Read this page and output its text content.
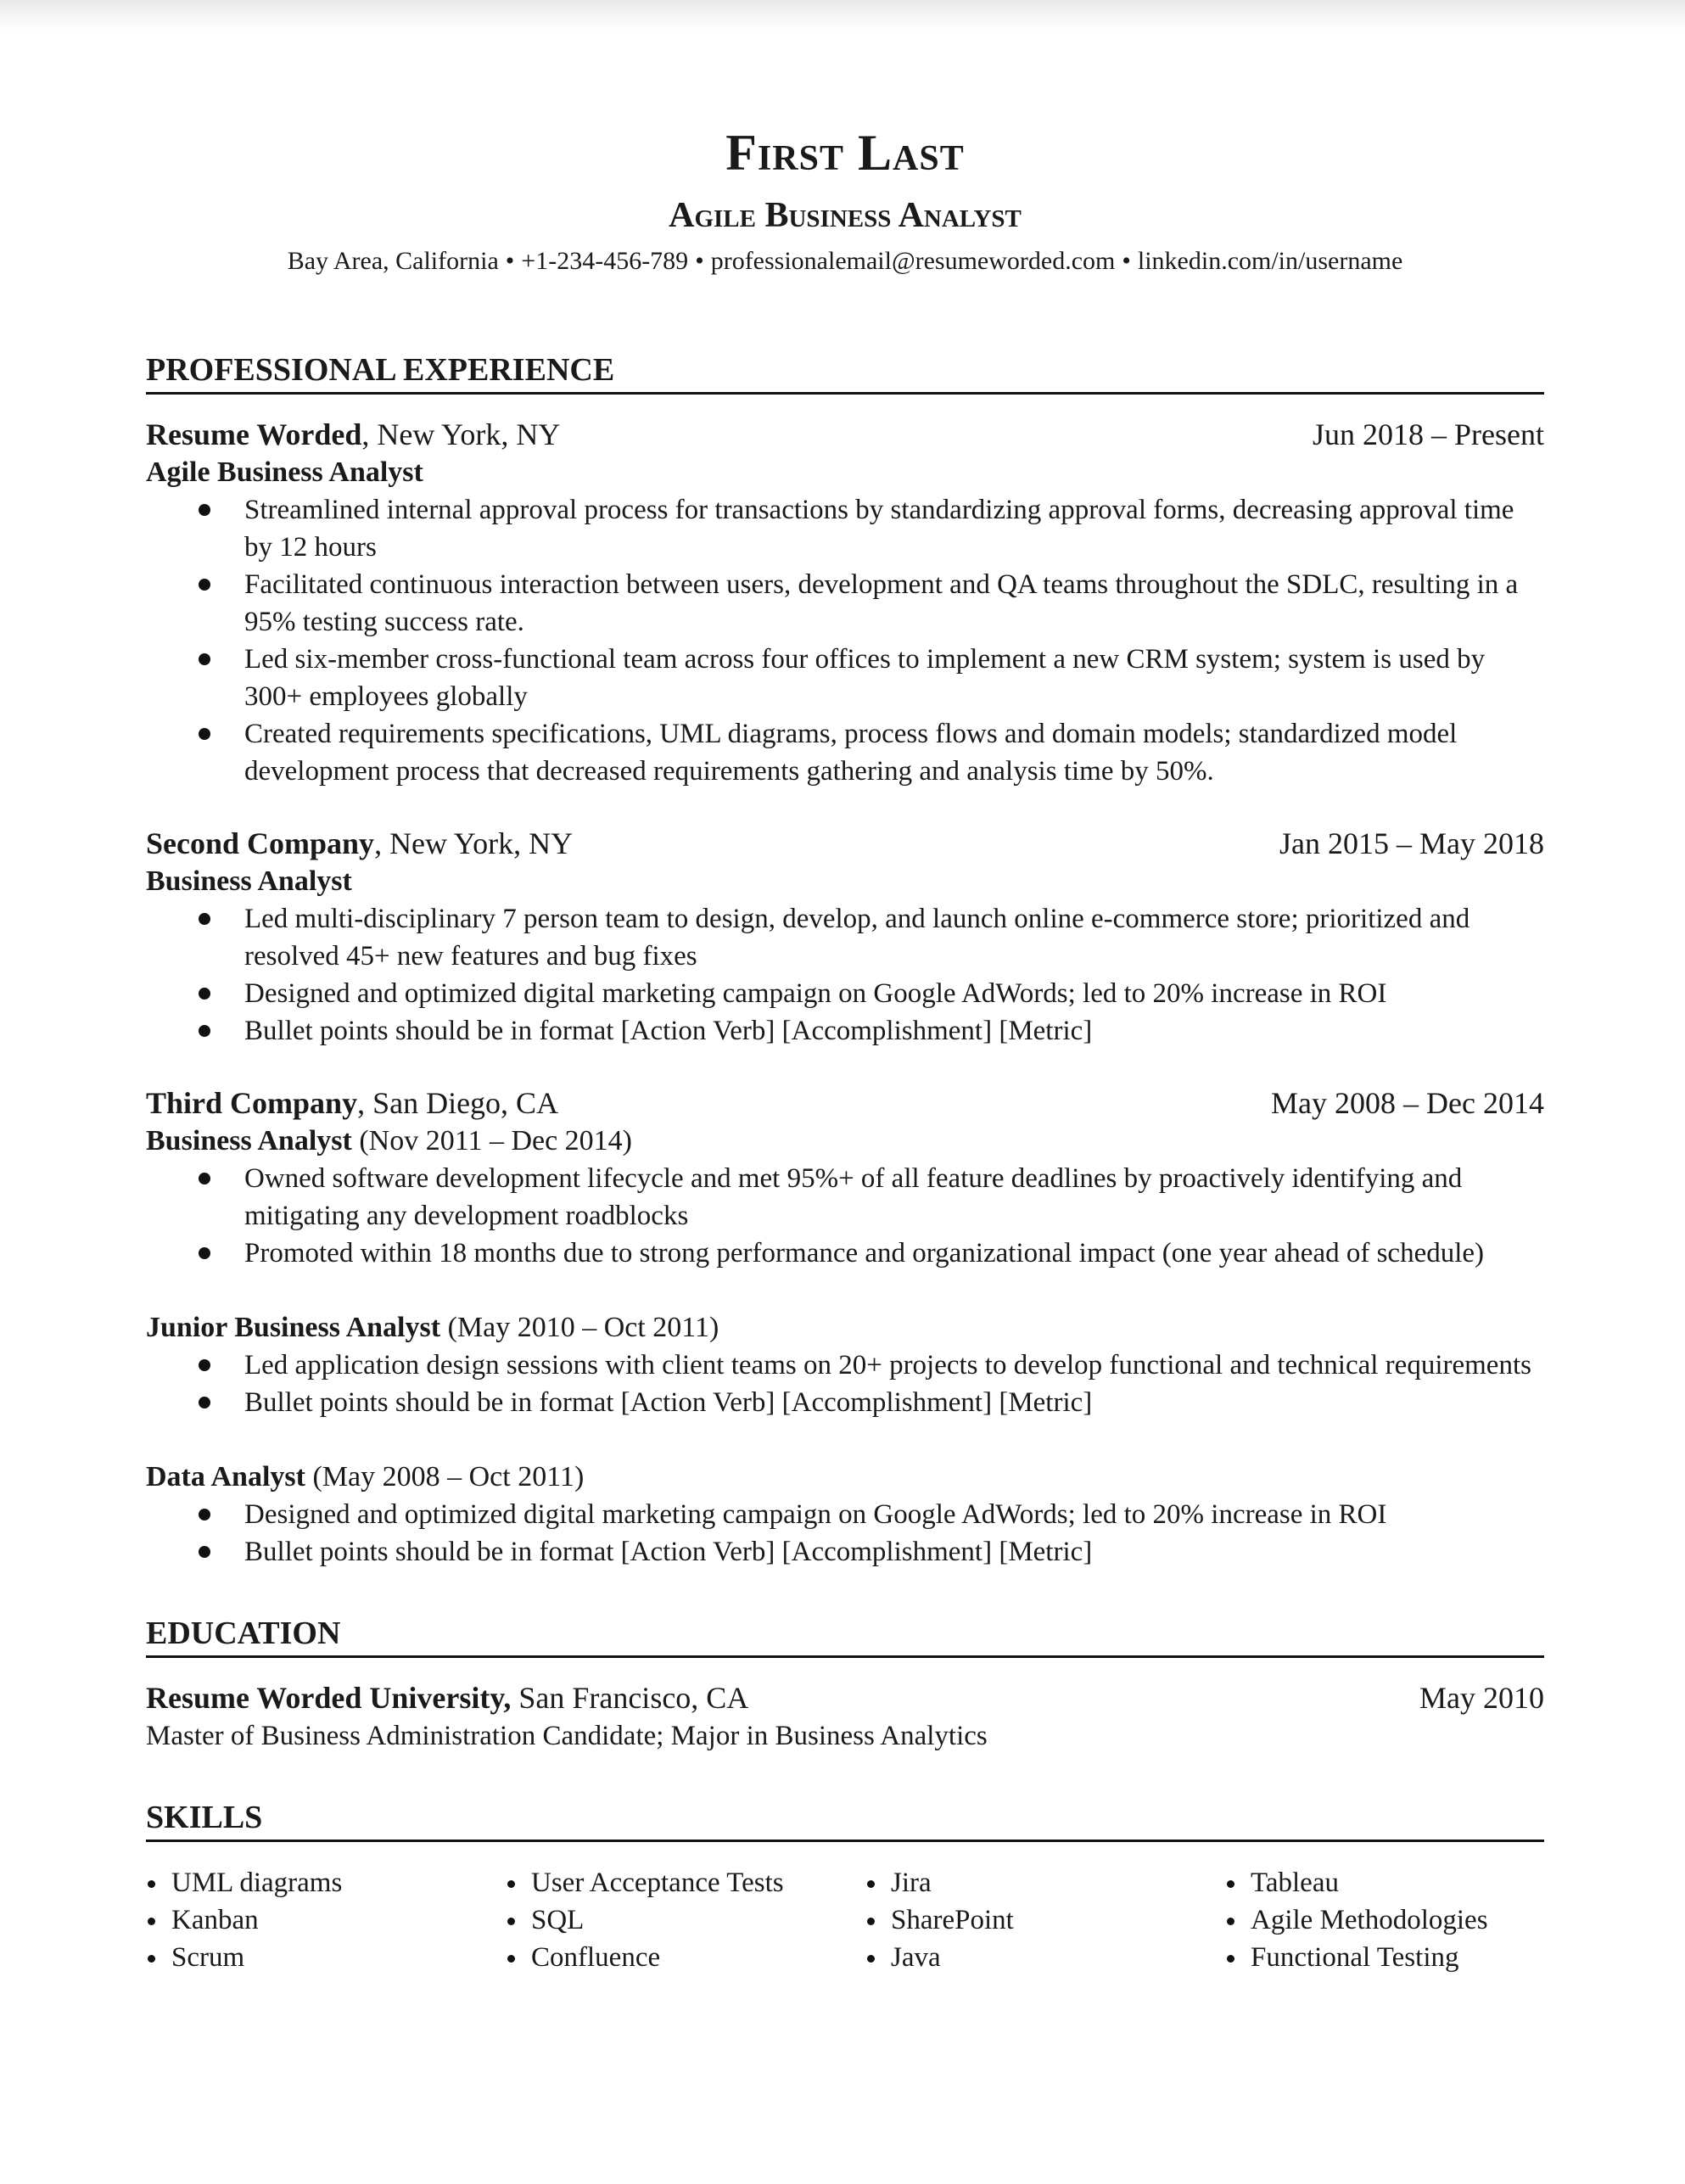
First Last
Agile Business Analyst
Bay Area, California • +1-234-456-789 • professionalemail@resumeworded.com • linkedin.com/in/username
PROFESSIONAL EXPERIENCE
Resume Worded, New York, NY	Jun 2018 – Present
Agile Business Analyst
Streamlined internal approval process for transactions by standardizing approval forms, decreasing approval time by 12 hours
Facilitated continuous interaction between users, development and QA teams throughout the SDLC, resulting in a 95% testing success rate.
Led six-member cross-functional team across four offices to implement a new CRM system; system is used by 300+ employees globally
Created requirements specifications, UML diagrams, process flows and domain models; standardized model development process that decreased requirements gathering and analysis time by 50%.
Second Company, New York, NY	Jan 2015 – May 2018
Business Analyst
Led multi-disciplinary 7 person team to design, develop, and launch online e-commerce store; prioritized and resolved 45+ new features and bug fixes
Designed and optimized digital marketing campaign on Google AdWords; led to 20% increase in ROI
Bullet points should be in format [Action Verb] [Accomplishment] [Metric]
Third Company, San Diego, CA	May 2008 – Dec 2014
Business Analyst (Nov 2011 – Dec 2014)
Owned software development lifecycle and met 95%+ of all feature deadlines by proactively identifying and mitigating any development roadblocks
Promoted within 18 months due to strong performance and organizational impact (one year ahead of schedule)
Junior Business Analyst (May 2010 – Oct 2011)
Led application design sessions with client teams on 20+ projects to develop functional and technical requirements
Bullet points should be in format [Action Verb] [Accomplishment] [Metric]
Data Analyst (May 2008 – Oct 2011)
Designed and optimized digital marketing campaign on Google AdWords; led to 20% increase in ROI
Bullet points should be in format [Action Verb] [Accomplishment] [Metric]
EDUCATION
Resume Worded University, San Francisco, CA	May 2010
Master of Business Administration Candidate; Major in Business Analytics
SKILLS
UML diagrams	User Acceptance Tests	Jira	Tableau
Kanban	SQL	SharePoint	Agile Methodologies
Scrum	Confluence	Java	Functional Testing
